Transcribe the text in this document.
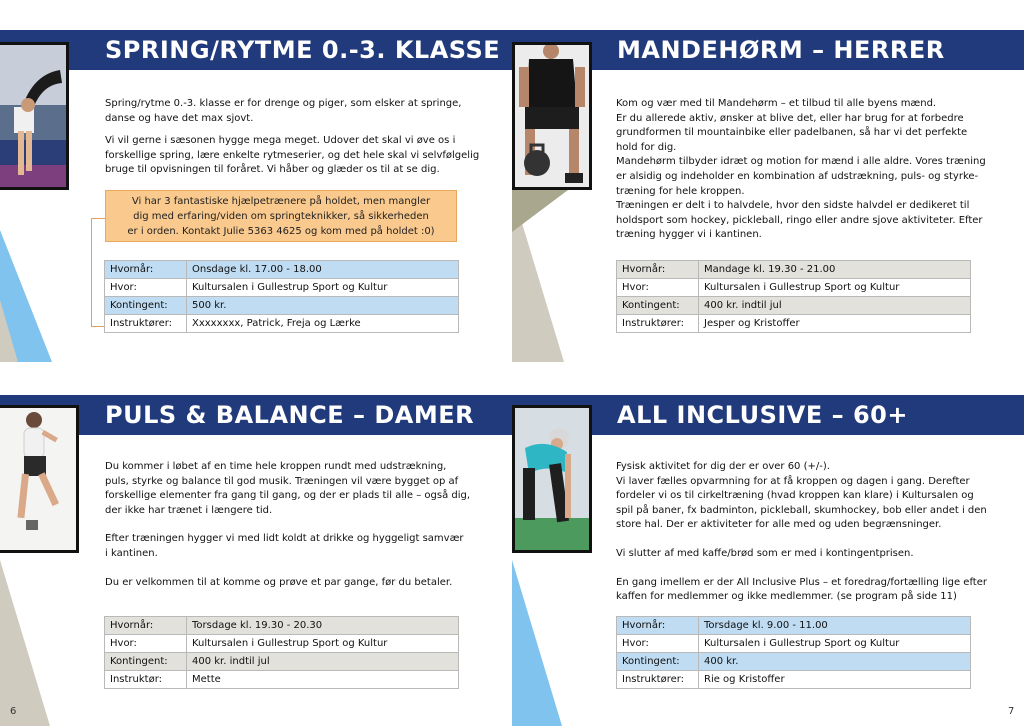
SPRING/RYTME 0.-3. KLASSE

Spring/rytme 0.-3. klasse er for drenge og piger, som elsker at springe,

danse og have det max sjovt.

Vi vil gerne i sæsonen hygge mega meget. Udover det skal vi øve os i

forskellige spring, lære enkelte rytmeserier, og det hele skal vi selvfølgelig

bruge til opvisningen til foråret. Vi håber og glæder os til at se dig.

Vi har 3 fantastiske hjælpetrænere på holdet, men mangler
dig med erfaring/viden om springteknikker, så sikkerheden
er i orden. Kontakt Julie 5363 4625 og kom med på holdet :0)
Hvornår:	Onsdage kl. 17.00 - 18.00
Hvor:	Kultursalen i Gullestrup Sport og Kultur
Kontingent:	500 kr.
Instruktører:	Xxxxxxxx, Patrick, Freja og Lærke
PULS & BALANCE – DAMER

Du kommer i løbet af en time hele kroppen rundt med udstrækning,

puls, styrke og balance til god musik. Træningen vil være bygget op af

forskellige elementer fra gang til gang, og der er plads til alle – også dig,

der ikke har trænet i længere tid.

Efter træningen hygger vi med lidt koldt at drikke og hyggeligt samvær

i kantinen.

Du er velkommen til at komme og prøve et par gange, før du betaler.

Hvornår:	Torsdage kl. 19.30 - 20.30
Hvor:	Kultursalen i Gullestrup Sport og Kultur
Kontingent:	400 kr. indtil jul
Instruktør:	Mette
6
MANDEHØRM – HERRER

Kom og vær med til Mandehørm – et tilbud til alle byens mænd.

Er du allerede aktiv, ønsker at blive det, eller har brug for at forbedre

grundformen til mountainbike eller padelbanen, så har vi det perfekte

hold for dig.

Mandehørm tilbyder idræt og motion for mænd i alle aldre. Vores træning

er alsidig og indeholder en kombination af udstrækning, puls- og styrke-

træning for hele kroppen.

Træningen er delt i to halvdele, hvor den sidste halvdel er dedikeret til

holdsport som hockey, pickleball, ringo eller andre sjove aktiviteter. Efter

træning hygger vi i kantinen.

Hvornår:	Mandage kl. 19.30 - 21.00
Hvor:	Kultursalen i Gullestrup Sport og Kultur
Kontingent:	400 kr. indtil jul
Instruktører:	Jesper og Kristoffer
ALL INCLUSIVE – 60+

Fysisk aktivitet for dig der er over 60 (+/-).

Vi laver fælles opvarmning for at få kroppen og dagen i gang. Derefter

fordeler vi os til cirkeltræning (hvad kroppen kan klare) i Kultursalen og

spil på baner, fx badminton, pickleball, skumhockey, bob eller andet i den

store hal. Der er aktiviteter for alle med og uden begrænsninger.

Vi slutter af med kaffe/brød som er med i kontingentprisen.

En gang imellem er der All Inclusive Plus – et foredrag/fortælling lige efter

kaffen for medlemmer og ikke medlemmer. (se program på side 11)

Hvornår:	Torsdage kl. 9.00 - 11.00
Hvor:	Kultursalen i Gullestrup Sport og Kultur
Kontingent:	400 kr.
Instruktører:	Rie og Kristoffer
7
